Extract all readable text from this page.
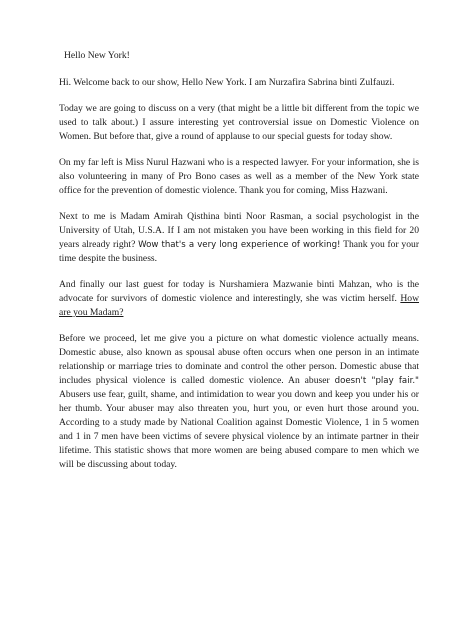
Hello New York!

Hi. Welcome back to our show, Hello New York. I am Nurzafira Sabrina binti Zulfauzi.

Today we are going to discuss on a very (that might be a little bit different from the topic we used to talk about.) I assure interesting yet controversial issue on Domestic Violence on Women. But before that, give a round of applause to our special guests for today show.

On my far left is Miss Nurul Hazwani who is a respected lawyer. For your information, she is also volunteering in many of Pro Bono cases as well as a member of the New York state office for the prevention of domestic violence. Thank you for coming, Miss Hazwani.

Next to me is Madam Amirah Qisthina binti Noor Rasman, a social psychologist in the University of Utah, U.S.A. If I am not mistaken you have been working in this field for 20 years already right? Wow that's a very long experience of working! Thank you for your time despite the business.

And finally our last guest for today is Nurshamiera Mazwanie binti Mahzan, who is the advocate for survivors of domestic violence and interestingly, she was victim herself. How are you Madam?

Before we proceed, let me give you a picture on what domestic violence actually means. Domestic abuse, also known as spousal abuse often occurs when one person in an intimate relationship or marriage tries to dominate and control the other person. Domestic abuse that includes physical violence is called domestic violence. An abuser doesn't "play fair." Abusers use fear, guilt, shame, and intimidation to wear you down and keep you under his or her thumb. Your abuser may also threaten you, hurt you, or even hurt those around you. According to a study made by National Coalition against Domestic Violence, 1 in 5 women and 1 in 7 men have been victims of severe physical violence by an intimate partner in their lifetime. This statistic shows that more women are being abused compare to men which we will be discussing about today.
